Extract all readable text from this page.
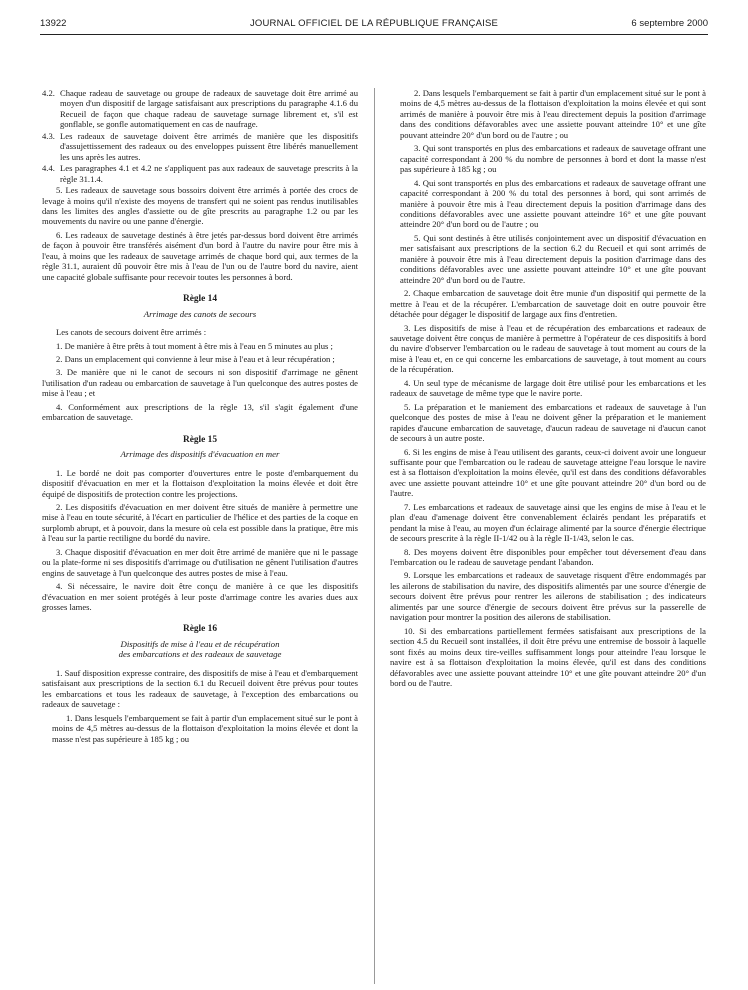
13922	JOURNAL OFFICIEL DE LA RÉPUBLIQUE FRANÇAISE	6 septembre 2000
4.2. Chaque radeau de sauvetage ou groupe de radeaux de sauvetage doit être arrimé au moyen d'un dispositif de largage satisfaisant aux prescriptions du paragraphe 4.1.6 du Recueil de façon que chaque radeau de sauvetage surnage librement et, s'il est gonflable, se gonfle automatiquement en cas de naufrage.
4.3. Les radeaux de sauvetage doivent être arrimés de manière que les dispositifs d'assujettissement des radeaux ou des enveloppes puissent être libérés manuellement les uns après les autres.
4.4. Les paragraphes 4.1 et 4.2 ne s'appliquent pas aux radeaux de sauvetage prescrits à la règle 31.1.4.

5. Les radeaux de sauvetage sous bossoirs doivent être arrimés à portée des crocs de levage à moins qu'il n'existe des moyens de transfert qui ne soient pas rendus inutilisables dans les limites des angles d'assiette ou de gîte prescrits au paragraphe 1.2 ou par les mouvements du navire ou une panne d'énergie.

6. Les radeaux de sauvetage destinés à être jetés par-dessus bord doivent être arrimés de façon à pouvoir être transférés aisément d'un bord à l'autre du navire pour être mis à l'eau, à moins que les radeaux de sauvetage arrimés de chaque bord qui, aux termes de la règle 31.1, auraient dû pouvoir être mis à l'eau de l'un ou de l'autre bord du navire, aient une capacité globale suffisante pour recevoir toutes les personnes à bord.

Règle 14
Arrimage des canots de secours

Les canots de secours doivent être arrimés :

1. De manière à être prêts à tout moment à être mis à l'eau en 5 minutes au plus ;

2. Dans un emplacement qui convienne à leur mise à l'eau et à leur récupération ;

3. De manière que ni le canot de secours ni son dispositif d'arrimage ne gênent l'utilisation d'un radeau ou embarcation de sauvetage à l'un quelconque des autres postes de mise à l'eau ; et

4. Conformément aux prescriptions de la règle 13, s'il s'agit également d'une embarcation de sauvetage.

Règle 15
Arrimage des dispositifs d'évacuation en mer

1. Le bordé ne doit pas comporter d'ouvertures entre le poste d'embarquement du dispositif d'évacuation en mer et la flottaison d'exploitation la moins élevée et doit être équipé de dispositifs de protection contre les projections.

2. Les dispositifs d'évacuation en mer doivent être situés de manière à permettre une mise à l'eau en toute sécurité, à l'écart en particulier de l'hélice et des parties de la coque en surplomb abrupt, et à pouvoir, dans la mesure où cela est possible dans la pratique, être mis à l'eau sur la partie rectiligne du bordé du navire.

3. Chaque dispositif d'évacuation en mer doit être arrimé de manière que ni le passage ou la plate-forme ni ses dispositifs d'arrimage ou d'utilisation ne gênent l'utilisation d'autres engins de sauvetage à l'un quelconque des autres postes de mise à l'eau.

4. Si nécessaire, le navire doit être conçu de manière à ce que les dispositifs d'évacuation en mer soient protégés à leur poste d'arrimage contre les avaries dues aux grosses lames.

Règle 16
Dispositifs de mise à l'eau et de récupération
des embarcations et des radeaux de sauvetage

1. Sauf disposition expresse contraire, des dispositifs de mise à l'eau et d'embarquement satisfaisant aux prescriptions de la section 6.1 du Recueil doivent être prévus pour toutes les embarcations et tous les radeaux de sauvetage, à l'exception des embarcations ou radeaux de sauvetage :

1. Dans lesquels l'embarquement se fait à partir d'un emplacement situé sur le pont à moins de 4,5 mètres au-dessus de la flottaison d'exploitation la moins élevée et dont la masse n'est pas supérieure à 185 kg ; ou

2. Dans lesquels l'embarquement se fait à partir d'un emplacement situé sur le pont à moins de 4,5 mètres au-dessus de la flottaison d'exploitation la moins élevée et qui sont arrimés de manière à pouvoir être mis à l'eau directement depuis la position d'arrimage dans des conditions défavorables avec une assiette pouvant atteindre 10° et une gîte pouvant atteindre 20° d'un bord ou de l'autre ; ou

3. Qui sont transportés en plus des embarcations et radeaux de sauvetage offrant une capacité correspondant à 200 % du nombre de personnes à bord et dont la masse n'est pas supérieure à 185 kg ; ou

4. Qui sont transportés en plus des embarcations et radeaux de sauvetage offrant une capacité correspondant à 200 % du total des personnes à bord, qui sont arrimés de manière à pouvoir être mis à l'eau directement depuis la position d'arrimage dans des conditions défavorables avec une assiette pouvant atteindre 16° et une gîte pouvant atteindre 20° d'un bord ou de l'autre ; ou

5. Qui sont destinés à être utilisés conjointement avec un dispositif d'évacuation en mer satisfaisant aux prescriptions de la section 6.2 du Recueil et qui sont arrimés de manière à pouvoir être mis à l'eau directement depuis la position d'arrimage dans des conditions défavorables avec une assiette pouvant atteindre 10° et une gîte pouvant atteindre 20° d'un bord ou de l'autre.

2. Chaque embarcation de sauvetage doit être munie d'un dispositif qui permette de la mettre à l'eau et de la récupérer. L'embarcation de sauvetage doit en outre pouvoir être détachée pour dégager le dispositif de largage aux fins d'entretien.

3. Les dispositifs de mise à l'eau et de récupération des embarcations et radeaux de sauvetage doivent être conçus de manière à permettre à l'opérateur de ces dispositifs à bord du navire d'observer l'embarcation ou le radeau de sauvetage à tout moment au cours de la mise à l'eau et, en ce qui concerne les embarcations de sauvetage, à tout moment au cours de la récupération.

4. Un seul type de mécanisme de largage doit être utilisé pour les embarcations et les radeaux de sauvetage de même type que le navire porte.

5. La préparation et le maniement des embarcations et radeaux de sauvetage à l'un quelconque des postes de mise à l'eau ne doivent gêner la préparation et le maniement rapides d'aucune embarcation de sauvetage, d'aucun radeau de sauvetage ni d'aucun canot de secours à un autre poste.

6. Si les engins de mise à l'eau utilisent des garants, ceux-ci doivent avoir une longueur suffisante pour que l'embarcation ou le radeau de sauvetage atteigne l'eau lorsque le navire est à sa flottaison d'exploitation la moins élevée, qu'il est dans des conditions défavorables avec une assiette pouvant atteindre 10° et une gîte pouvant atteindre 20° d'un bord ou de l'autre.

7. Les embarcations et radeaux de sauvetage ainsi que les engins de mise à l'eau et le plan d'eau d'amenage doivent être convenablement éclairés pendant les préparatifs et pendant la mise à l'eau, au moyen d'un éclairage alimenté par la source d'énergie électrique de secours prescrite à la règle II-1/42 ou à la règle II-1/43, selon le cas.

8. Des moyens doivent être disponibles pour empêcher tout déversement d'eau dans l'embarcation ou le radeau de sauvetage pendant l'abandon.

9. Lorsque les embarcations et radeaux de sauvetage risquent d'être endommagés par les ailerons de stabilisation du navire, des dispositifs alimentés par une source d'énergie de secours doivent être prévus pour rentrer les ailerons de stabilisation ; des indicateurs alimentés par une source d'énergie de secours doivent être prévus sur la passerelle de navigation pour montrer la position des ailerons de stabilisation.

10. Si des embarcations partiellement fermées satisfaisant aux prescriptions de la section 4.5 du Recueil sont installées, il doit être prévu une entremise de bossoir à laquelle sont fixés au moins deux tire-veilles suffisamment longs pour atteindre l'eau lorsque le navire est à sa flottaison d'exploitation la moins élevée, qu'il est dans des conditions défavorables avec une assiette pouvant atteindre 10° et une gîte pouvant atteindre 20° d'un bord ou de l'autre.
